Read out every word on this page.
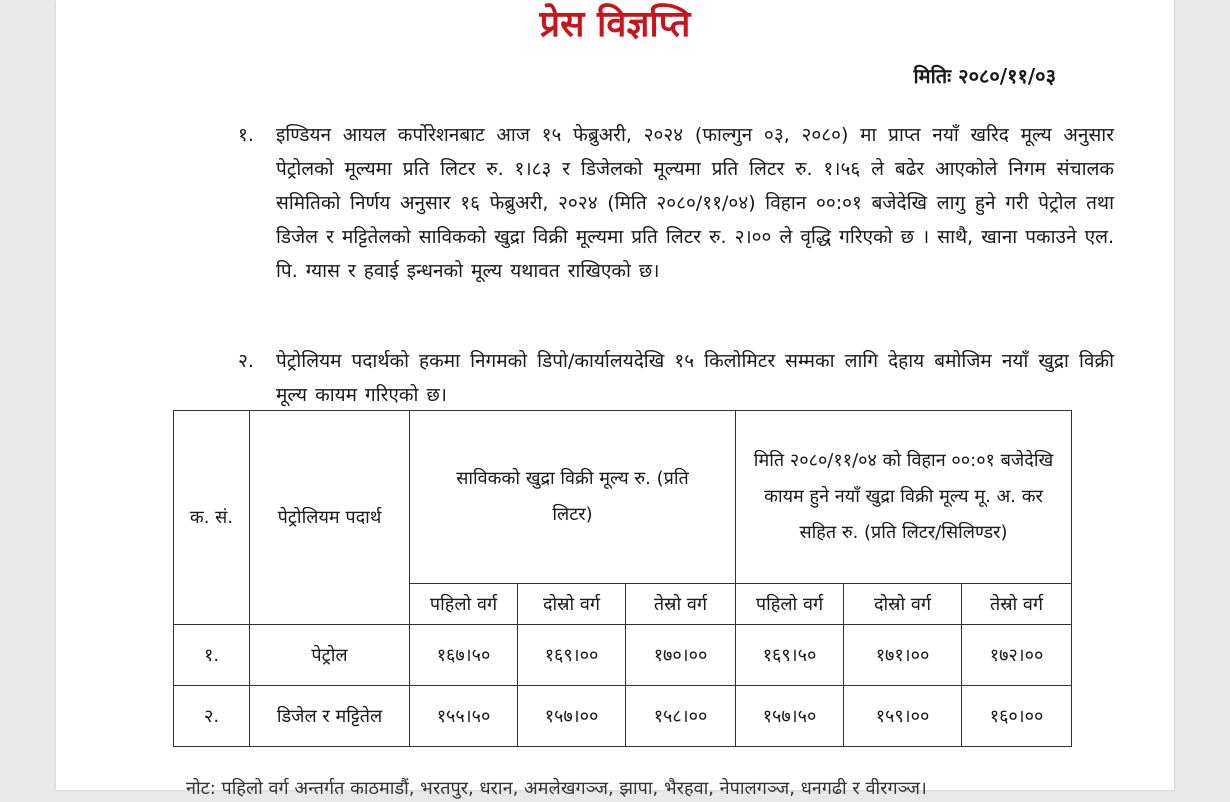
प्रेस विज्ञप्ति
मितिः २०८०/११/०३
१. इण्डियन आयल कर्पोरेशनबाट आज १५ फेब्रुअरी, २०२४ (फाल्गुन ०३, २०८०) मा प्राप्त नयाँ खरिद मूल्य अनुसार पेट्रोलको मूल्यमा प्रति लिटर रु. १।८३ र डिजेलको मूल्यमा प्रति लिटर रु. १।५६ ले बढेर आएकोले निगम संचालक समितिको निर्णय अनुसार १६ फेब्रुअरी, २०२४ (मिति २०८०/११/०४) विहान ००:०१ बजेदेखि लागु हुने गरी पेट्रोल तथा डिजेल र मट्टितेलको साविकको खुद्रा विक्री मूल्यमा प्रति लिटर रु. २।०० ले वृद्धि गरिएको छ । साथै, खाना पकाउने एल. पि. ग्यास र हवाई इन्धनको मूल्य यथावत राखिएको छ।
२. पेट्रोलियम पदार्थको हकमा निगमको डिपो/कार्यालयदेखि १५ किलोमिटर सम्मका लागि देहाय बमोजिम नयाँ खुद्रा विक्री मूल्य कायम गरिएको छ।
क. सं.	पेट्रोलियम पदार्थ	साविकको खुद्रा विक्री मूल्य रु. (प्रति लिटर)			मिति २०८०/११/०४ को विहान ००:०१ बजेदेखि कायम हुने नयाँ खुद्रा विक्री मूल्य मू. अ. कर सहित रु. (प्रति लिटर/सिलिण्डर)		
		पहिलो वर्ग	दोस्रो वर्ग	तेस्रो वर्ग	पहिलो वर्ग	दोस्रो वर्ग	तेस्रो वर्ग
१.	पेट्रोल	१६७।५०	१६९।००	१७०।००	१६९।५०	१७१।००	१७२।००
२.	डिजेल र मट्टितेल	१५५।५०	१५७।००	१५८।००	१५७।५०	१५९।००	१६०।००
नोट: पहिलो वर्ग अन्तर्गत काठमाडौं, भरतपुर, धरान, अमलेखगञ्ज, झापा, भैरहवा, नेपालगञ्ज, धनगढी र वीरगञ्ज।
